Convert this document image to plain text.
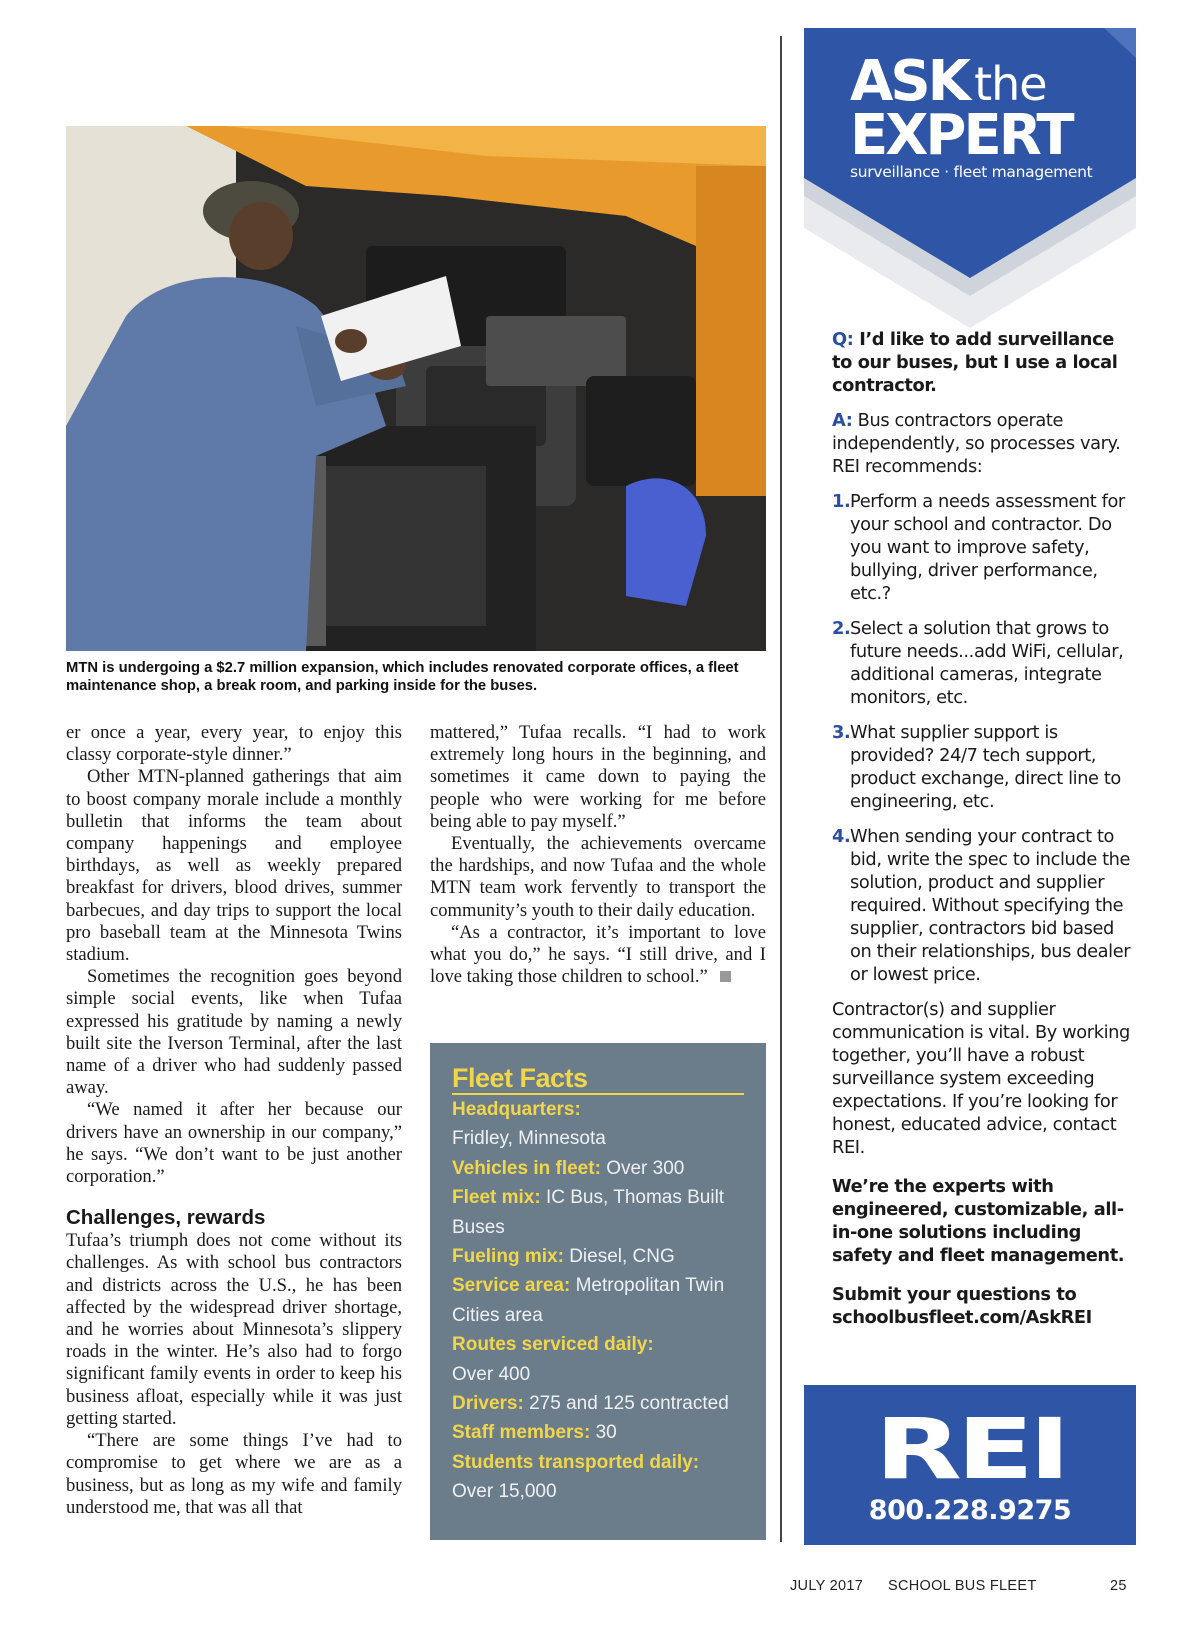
MTN is undergoing a $2.7 million expansion, which includes renovated corporate offices, a fleet maintenance shop, a break room, and parking inside for the buses.

er once a year, every year, to enjoy this classy corporate-style dinner.”

Other MTN-planned gatherings that aim to boost company morale include a monthly bulletin that informs the team about company happenings and employee birthdays, as well as weekly prepared breakfast for drivers, blood drives, summer barbecues, and day trips to support the local pro baseball team at the Minnesota Twins stadium.

Sometimes the recognition goes beyond simple social events, like when Tufaa expressed his gratitude by naming a newly built site the Iverson Terminal, after the last name of a driver who had suddenly passed away.

“We named it after her because our drivers have an ownership in our company,” he says. “We don’t want to be just another corporation.”

Challenges, rewards

Tufaa’s triumph does not come without its challenges. As with school bus contractors and districts across the U.S., he has been affected by the widespread driver shortage, and he worries about Minnesota’s slippery roads in the winter. He’s also had to forgo significant family events in order to keep his business afloat, especially while it was just getting started.

“There are some things I’ve had to compromise to get where we are as a business, but as long as my wife and family understood me, that was all that

mattered,” Tufaa recalls. “I had to work extremely long hours in the beginning, and sometimes it came down to paying the people who were working for me before being able to pay myself.”

Eventually, the achievements overcame the hardships, and now Tufaa and the whole MTN team work fervently to transport the community’s youth to their daily education.

“As a contractor, it’s important to love what you do,” he says. “I still drive, and I love taking those children to school.”

Fleet Facts
Headquarters:
Fridley, Minnesota
Vehicles in fleet: Over 300
Fleet mix: IC Bus, Thomas Built Buses
Fueling mix: Diesel, CNG
Service area: Metropolitan Twin Cities area
Routes serviced daily:
Over 400
Drivers: 275 and 125 contracted
Staff members: 30
Students transported daily:
Over 15,000
ASK the
EXPERT
surveillance · fleet management
Q: I’d like to add surveillance to our buses, but I use a local contractor.
A: Bus contractors operate independently, so processes vary. REI recommends:
1. Perform a needs assessment for your school and contractor. Do you want to improve safety, bullying, driver performance, etc.?
2. Select a solution that grows to future needs...add WiFi, cellular, additional cameras, integrate monitors, etc.
3. What supplier support is provided? 24/7 tech support, product exchange, direct line to engineering, etc.
4. When sending your contract to bid, write the spec to include the solution, product and supplier required. Without specifying the supplier, contractors bid based on their relationships, bus dealer or lowest price.
Contractor(s) and supplier communication is vital. By working together, you’ll have a robust surveillance system exceeding expectations. If you’re looking for honest, educated advice, contact REI.
We’re the experts with engineered, customizable, all-in-one solutions including safety and fleet management.
Submit your questions to schoolbusfleet.com/AskREI
REI
800.228.9275
JULY 2017 SCHOOL BUS FLEET	25
